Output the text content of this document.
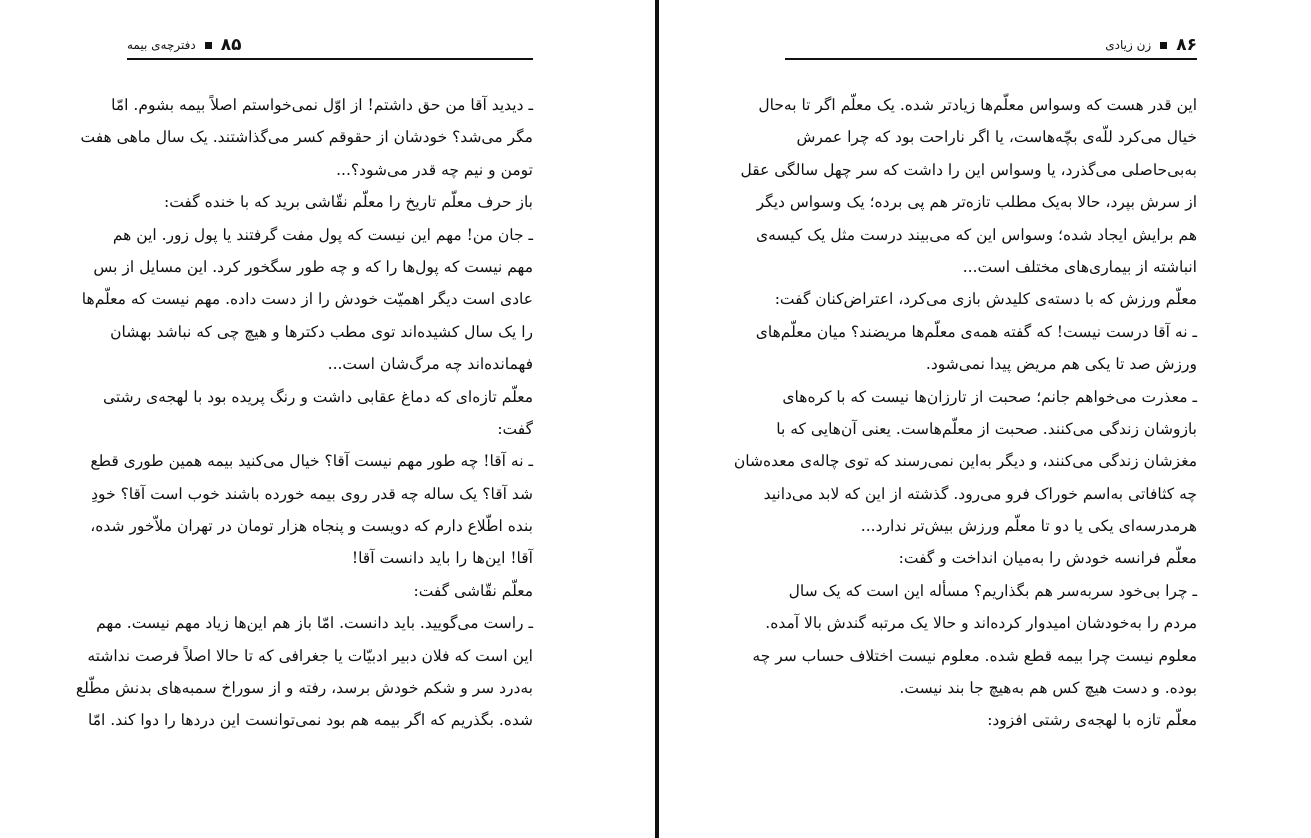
۸۵
دفترچه‌ی بیمه
ـ دیدید آقا من حق داشتم! از اوّل نمی‌خواستم اصلاً بیمه بشوم. امّا
مگر می‌شد؟ خودشان از حقوقم کسر می‌گذاشتند. یک سال ماهی هفت
تومن و نیم چه قدر می‌شود؟...
باز حرف معلّم تاریخ را معلّم نقّاشی برید که با خنده گفت:
ـ جان من! مهم این نیست که پول مفت گرفتند یا پول زور. این هم
مهم نیست که پول‌ها را که و چه طور سگخور کرد. این مسایل از بس
عادی است دیگر اهمیّت خودش را از دست داده. مهم نیست که معلّم‌ها
را یک سال کشیده‌اند توی مطب دکترها و هیچ چی که نباشد بهشان
فهمانده‌اند چه مرگ‌شان است...
معلّم تازه‌ای که دماغ عقابی داشت و رنگ پریده بود با لهجه‌ی رشتی
گفت:
ـ نه آقا! چه طور مهم نیست آقا؟ خیال می‌کنید بیمه همین طوری قطع
شد آقا؟ یک ساله چه قدر روی بیمه خورده باشند خوب است آقا؟ خودِ
بنده اطّلاع دارم که دویست و پنجاه هزار تومان در تهران ملاّخور شده،
آقا! این‌ها را باید دانست آقا!
معلّم نقّاشی گفت:
ـ راست می‌گویید. باید دانست. امّا باز هم این‌ها زیاد مهم نیست. مهم
این است که فلان دبیر ادبیّات یا جغرافی که تا حالا اصلاً فرصت نداشته
به‌درد سر و شکم خودش برسد، رفته و از سوراخ سمبه‌های بدنش مطّلع
شده. بگذریم که اگر بیمه هم بود نمی‌توانست این دردها را دوا کند. امّا
۸۶
زن زیادی
این قدر هست که وسواس معلّم‌ها زیادتر شده. یک معلّم اگر تا به‌حال
خیال می‌کرد للّه‌ی بچّه‌هاست، یا اگر ناراحت بود که چرا عمرش
به‌بی‌حاصلی می‌گذرد، یا وسواس این را داشت که سر چهل سالگی عقل
از سرش بپرد، حالا به‌یک مطلب تازه‌تر هم پی برده؛ یک وسواس دیگر
هم برایش ایجاد شده؛ وسواس این که می‌بیند درست مثل یک کیسه‌ی
انباشته از بیماری‌های مختلف است...
معلّم ورزش که با دسته‌ی کلیدش بازی می‌کرد، اعتراض‌کنان گفت:
ـ نه آقا درست نیست! که گفته همه‌ی معلّم‌ها مریضند؟ میان معلّم‌های
ورزش صد تا یکی هم مریض پیدا نمی‌شود.
ـ معذرت می‌خواهم جانم؛ صحبت از تارزان‌ها نیست که با کره‌های
بازوشان زندگی می‌کنند. صحبت از معلّم‌هاست. یعنی آن‌هایی که با
مغزشان زندگی می‌کنند، و دیگر به‌این نمی‌رسند که توی چاله‌ی معده‌شان
چه کثافاتی به‌اسم خوراک فرو می‌رود. گذشته از این که لابد می‌دانید
هرمدرسه‌ای یکی یا دو تا معلّم ورزش بیش‌تر ندارد...
معلّم فرانسه خودش را به‌میان انداخت و گفت:
ـ چرا بی‌خود سربه‌سر هم بگذاریم؟ مسأله این است که یک سال
مردم را به‌خودشان امیدوار کرده‌اند و حالا یک مرتبه گندش بالا آمده.
معلوم نیست چرا بیمه قطع شده. معلوم نیست اختلاف حساب سر چه
بوده. و دست هیچ کس هم به‌هیچ جا بند نیست.
معلّم تازه با لهجه‌ی رشتی افزود:
